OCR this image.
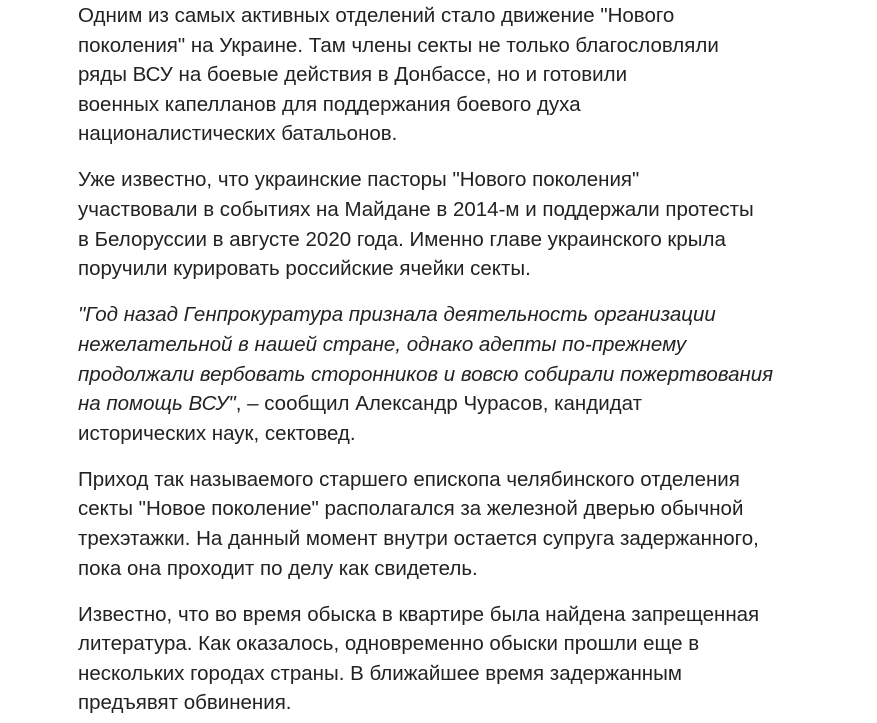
Одним из самых активных отделений стало движение "Нового
поколения" на Украине. Там члены секты не только благословляли
ряды ВСУ на боевые действия в Донбассе, но и готовили
военных капелланов для поддержания боевого духа
националистических батальонов.

Уже известно, что украинские пасторы "Нового поколения"
участвовали в событиях на Майдане в 2014-м и поддержали протесты
в Белоруссии в августе 2020 года. Именно главе украинского крыла
поручили курировать российские ячейки секты.

"Год назад Генпрокуратура признала деятельность организации
нежелательной в нашей стране, однако адепты по-прежнему
продолжали вербовать сторонников и вовсю собирали пожертвования
на помощь ВСУ", – сообщил Александр Чурасов, кандидат
исторических наук, сектовед.

Приход так называемого старшего епископа челябинского отделения
секты "Новое поколение" располагался за железной дверью обычной
трехэтажки. На данный момент внутри остается супруга задержанного,
пока она проходит по делу как свидетель.

Известно, что во время обыска в квартире была найдена запрещенная
литература. Как оказалось, одновременно обыски прошли еще в
нескольких городах страны. В ближайшее время задержанным
предъявят обвинения.
